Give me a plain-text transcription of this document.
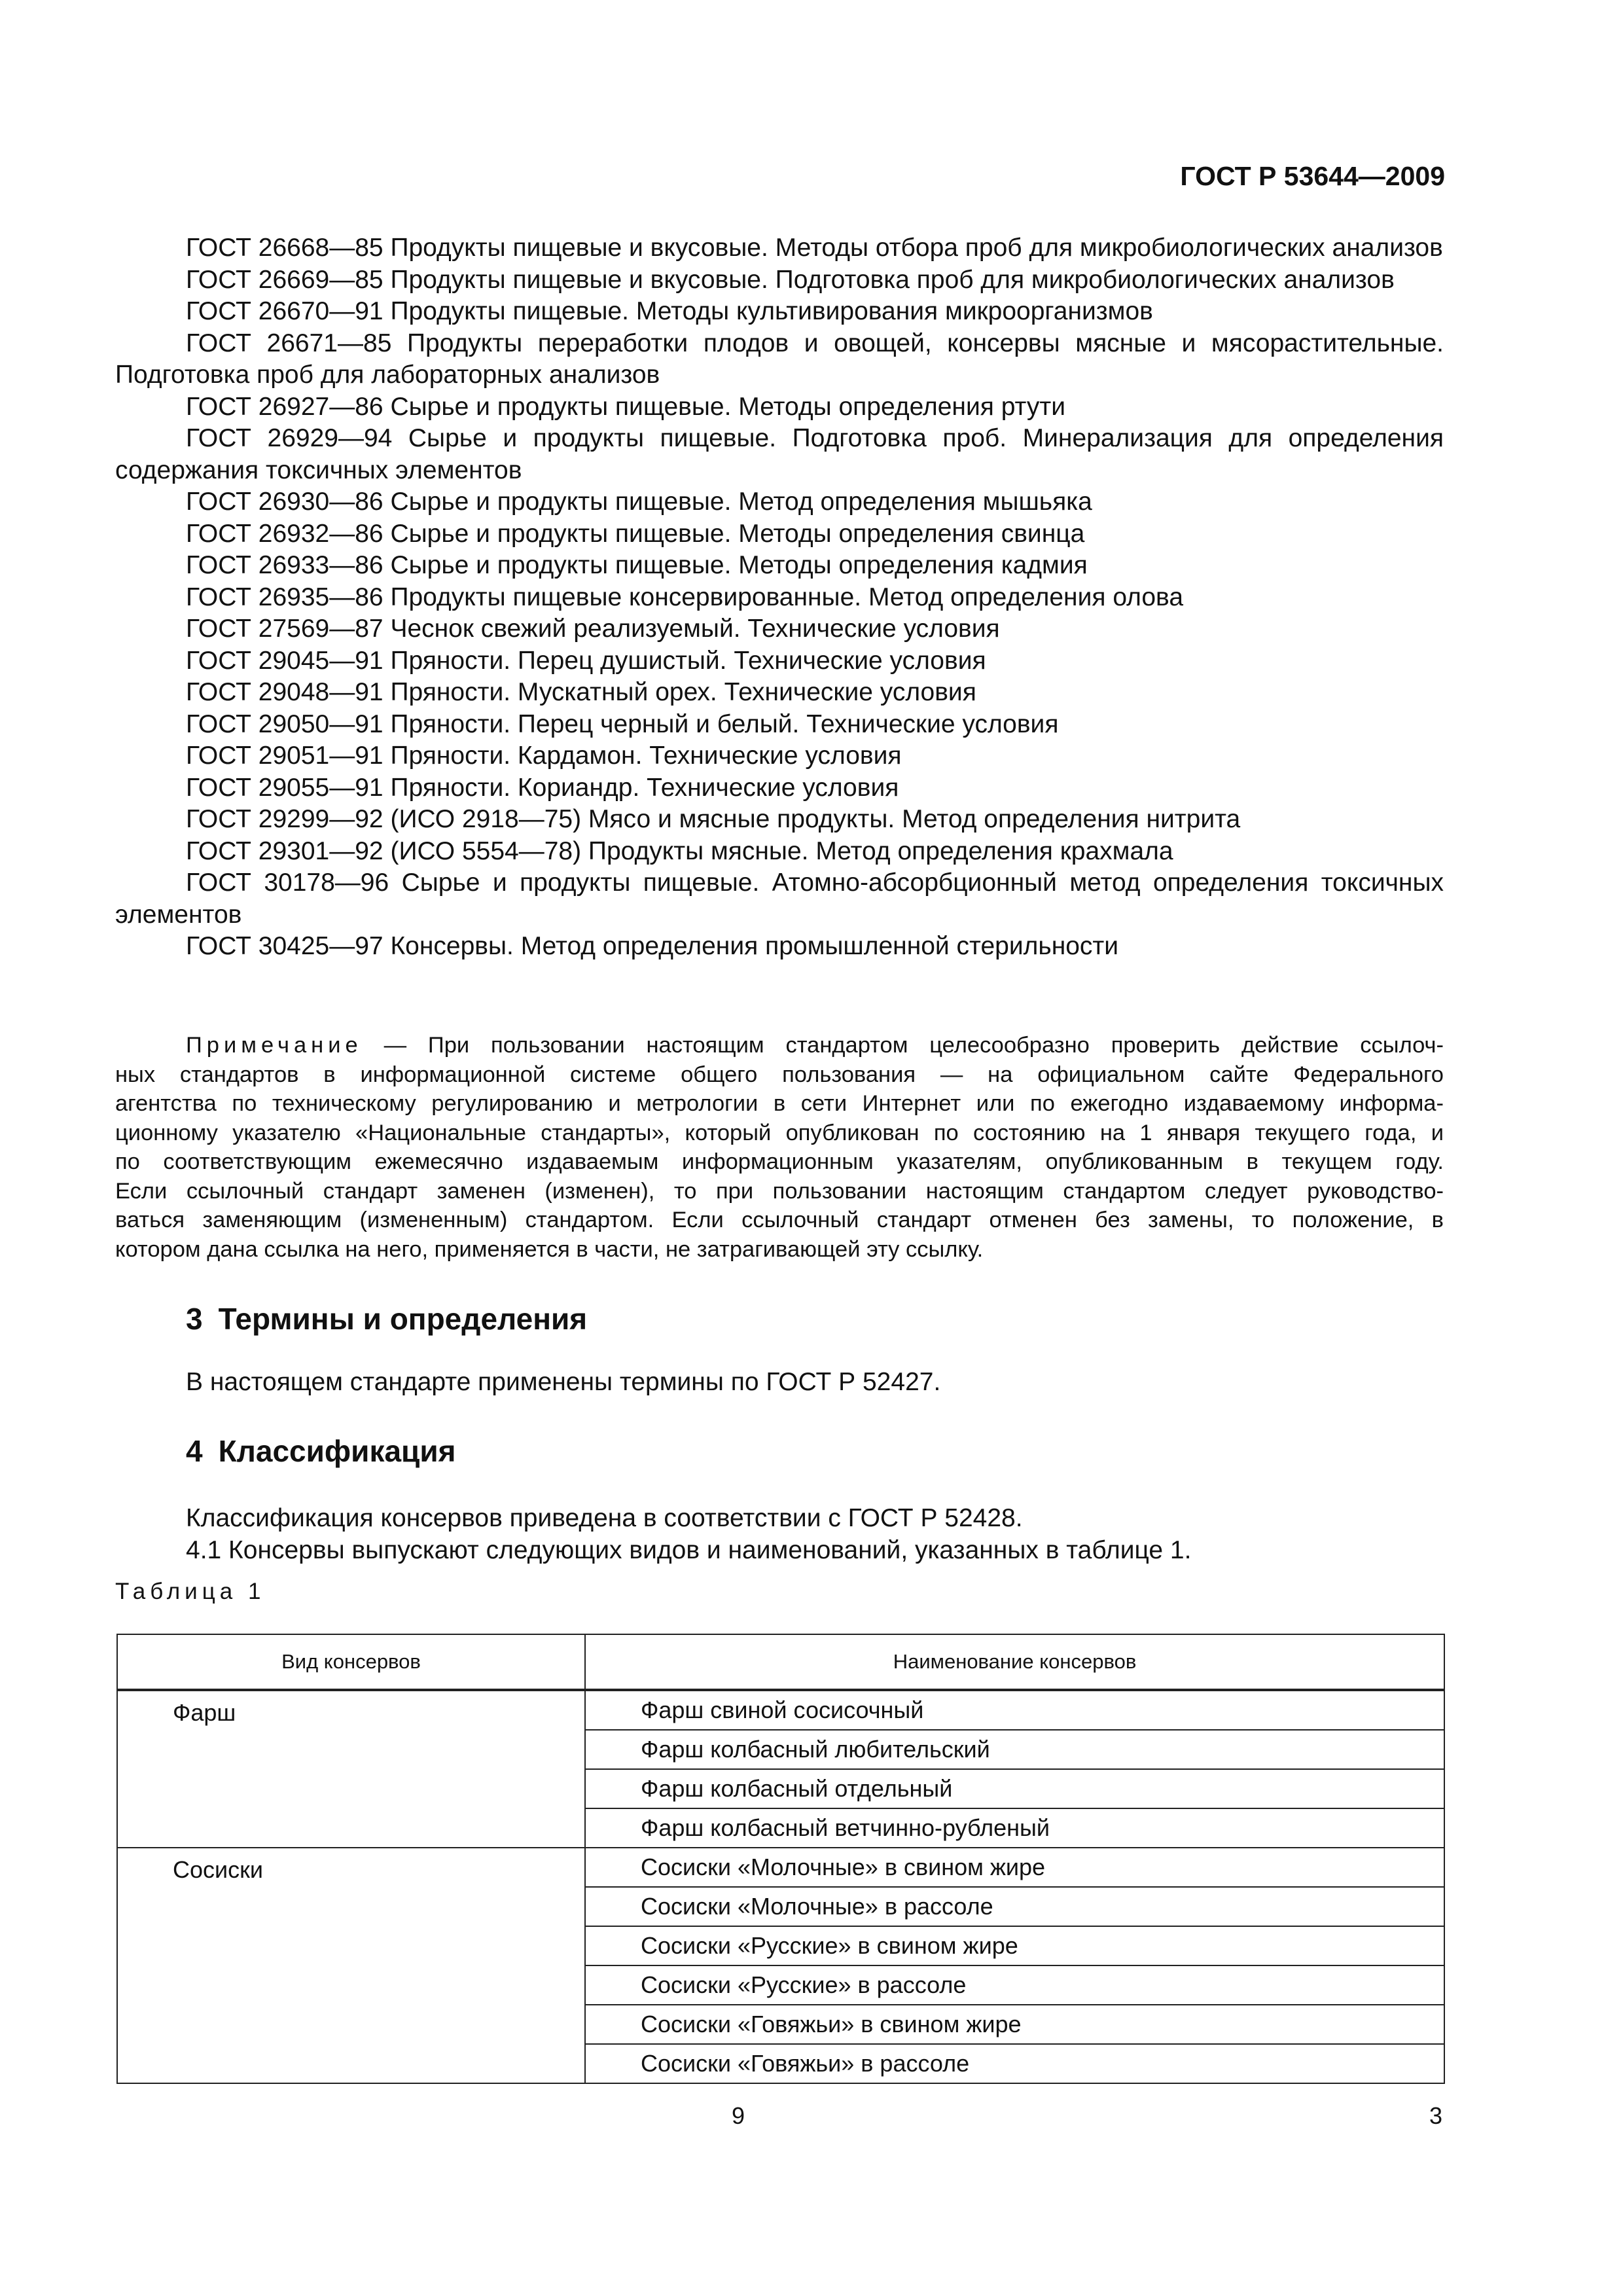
ГОСТ Р 53644—2009
ГОСТ 26668—85 Продукты пищевые и вкусовые. Методы отбора проб для микробиологических анализов
ГОСТ 26669—85 Продукты пищевые и вкусовые. Подготовка проб для микробиологических анализов
ГОСТ 26670—91 Продукты пищевые. Методы культивирования микроорганизмов
ГОСТ 26671—85 Продукты переработки плодов и овощей, консервы мясные и мясорастительные. Подготовка проб для лабораторных анализов
ГОСТ 26927—86 Сырье и продукты пищевые. Методы определения ртути
ГОСТ 26929—94 Сырье и продукты пищевые. Подготовка проб. Минерализация для определения содержания токсичных элементов
ГОСТ 26930—86 Сырье и продукты пищевые. Метод определения мышьяка
ГОСТ 26932—86 Сырье и продукты пищевые. Методы определения свинца
ГОСТ 26933—86 Сырье и продукты пищевые. Методы определения кадмия
ГОСТ 26935—86 Продукты пищевые консервированные. Метод определения олова
ГОСТ 27569—87 Чеснок свежий реализуемый. Технические условия
ГОСТ 29045—91 Пряности. Перец душистый. Технические условия
ГОСТ 29048—91 Пряности. Мускатный орех. Технические условия
ГОСТ 29050—91 Пряности. Перец черный и белый. Технические условия
ГОСТ 29051—91 Пряности. Кардамон. Технические условия
ГОСТ 29055—91 Пряности. Кориандр. Технические условия
ГОСТ 29299—92 (ИСО 2918—75) Мясо и мясные продукты. Метод определения нитрита
ГОСТ 29301—92 (ИСО 5554—78) Продукты мясные. Метод определения крахмала
ГОСТ 30178—96 Сырье и продукты пищевые. Атомно-абсорбционный метод определения токсичных элементов
ГОСТ 30425—97 Консервы. Метод определения промышленной стерильности
Примечание — При пользовании настоящим стандартом целесообразно проверить действие ссылоч-
ных стандартов в информационной системе общего пользования — на официальном сайте Федерального
агентства по техническому регулированию и метрологии в сети Интернет или по ежегодно издаваемому информа-
ционному указателю «Национальные стандарты», который опубликован по состоянию на 1 января текущего года, и
по соответствующим ежемесячно издаваемым информационным указателям, опубликованным в текущем году.
Если ссылочный стандарт заменен (изменен), то при пользовании настоящим стандартом следует руководство-
ваться заменяющим (измененным) стандартом. Если ссылочный стандарт отменен без замены, то положение, в
котором дана ссылка на него, применяется в части, не затрагивающей эту ссылку.
3 Термины и определения
В настоящем стандарте применены термины по ГОСТ Р 52427.
4 Классификация
Классификация консервов приведена в соответствии с ГОСТ Р 52428.
4.1 Консервы выпускают следующих видов и наименований, указанных в таблице 1.
Таблица 1
Вид консервов	Наименование консервов
Фарш	Фарш свиной сосисочный
	Фарш колбасный любительский
	Фарш колбасный отдельный
	Фарш колбасный ветчинно-рубленый
Сосиски	Сосиски «Молочные» в свином жире
	Сосиски «Молочные» в рассоле
	Сосиски «Русские» в свином жире
	Сосиски «Русские» в рассоле
	Сосиски «Говяжьи» в свином жире
	Сосиски «Говяжьи» в рассоле
9	3
